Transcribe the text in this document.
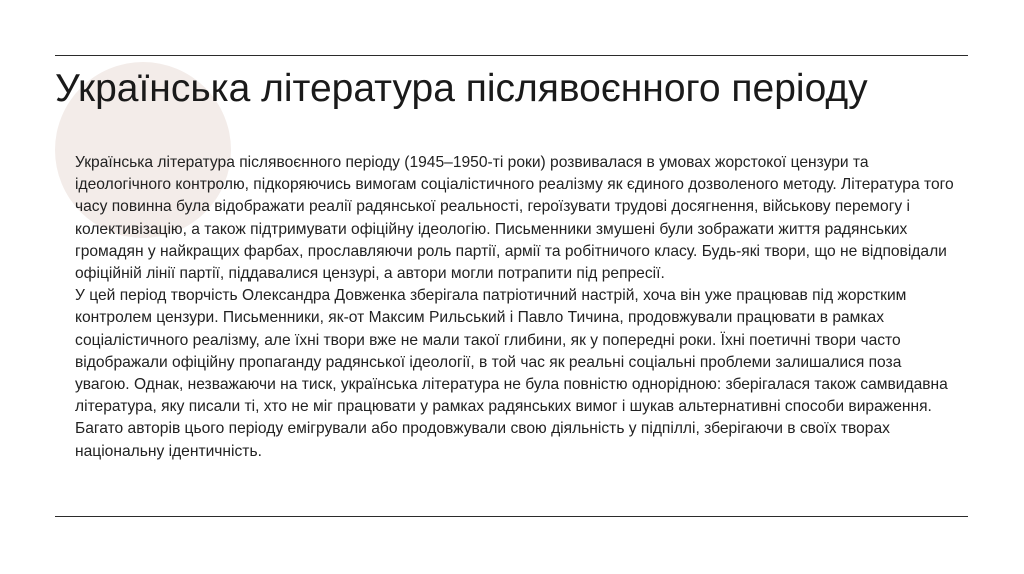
Українська література післявоєнного періоду

Українська література післявоєнного періоду (1945–1950-ті роки) розвивалася в умовах жорстокої цензури та ідеологічного контролю, підкоряючись вимогам соціалістичного реалізму як єдиного дозволеного методу. Література того часу повинна була відображати реалії радянської реальності, героїзувати трудові досягнення, військову перемогу і колективізацію, а також підтримувати офіційну ідеологію. Письменники змушені були зображати життя радянських громадян у найкращих фарбах, прославляючи роль партії, армії та робітничого класу. Будь-які твори, що не відповідали офіційній лінії партії, піддавалися цензурі, а автори могли потрапити під репресії.

У цей період творчість Олександра Довженка зберігала патріотичний настрій, хоча він уже працював під жорстким контролем цензури. Письменники, як-от Максим Рильський і Павло Тичина, продовжували працювати в рамках соціалістичного реалізму, але їхні твори вже не мали такої глибини, як у попередні роки. Їхні поетичні твори часто відображали офіційну пропаганду радянської ідеології, в той час як реальні соціальні проблеми залишалися поза увагою. Однак, незважаючи на тиск, українська література не була повністю однорідною: зберігалася також самвидавна література, яку писали ті, хто не міг працювати у рамках радянських вимог і шукав альтернативні способи вираження. Багато авторів цього періоду емігрували або продовжували свою діяльність у підпіллі, зберігаючи в своїх творах національну ідентичність.
